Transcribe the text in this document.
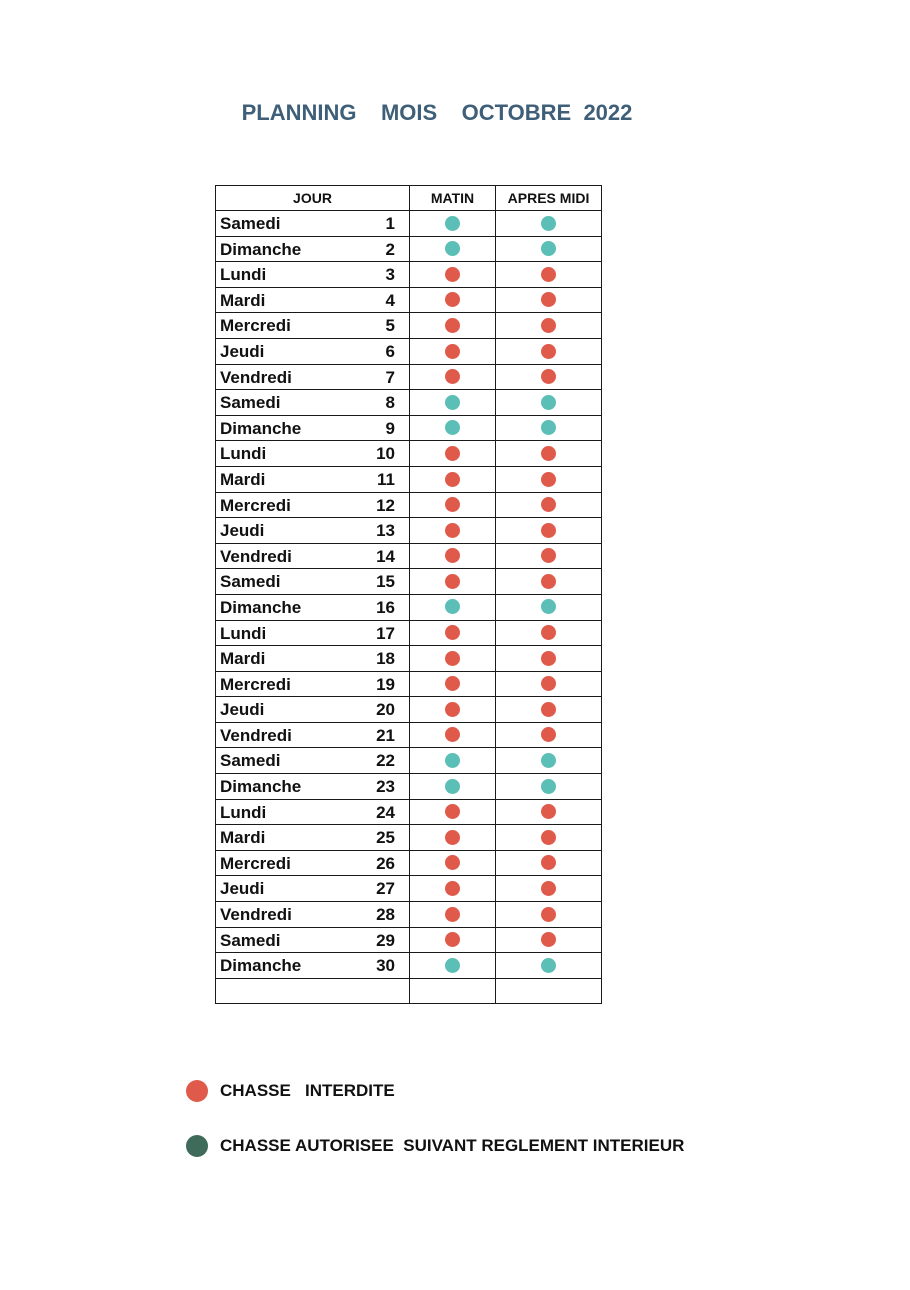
PLANNING    MOIS    OCTOBRE  2022
JOUR	MATIN	APRES MIDI

Samedi 1		

Dimanche 2		

Lundi 3		

Mardi 4		

Mercredi 5		

Jeudi 6		

Vendredi 7		

Samedi 8		

Dimanche 9		

Lundi 10		

Mardi 11		

Mercredi 12		

Jeudi 13		

Vendredi 14		

Samedi 15		

Dimanche 16		

Lundi 17		

Mardi 18		

Mercredi 19		

Jeudi 20		

Vendredi 21		

Samedi 22		

Dimanche 23		

Lundi 24		

Mardi 25		

Mercredi 26		

Jeudi 27		

Vendredi 28		

Samedi 29		

Dimanche 30		

CHASSE   INTERDITE
CHASSE AUTORISEE  SUIVANT REGLEMENT INTERIEUR
